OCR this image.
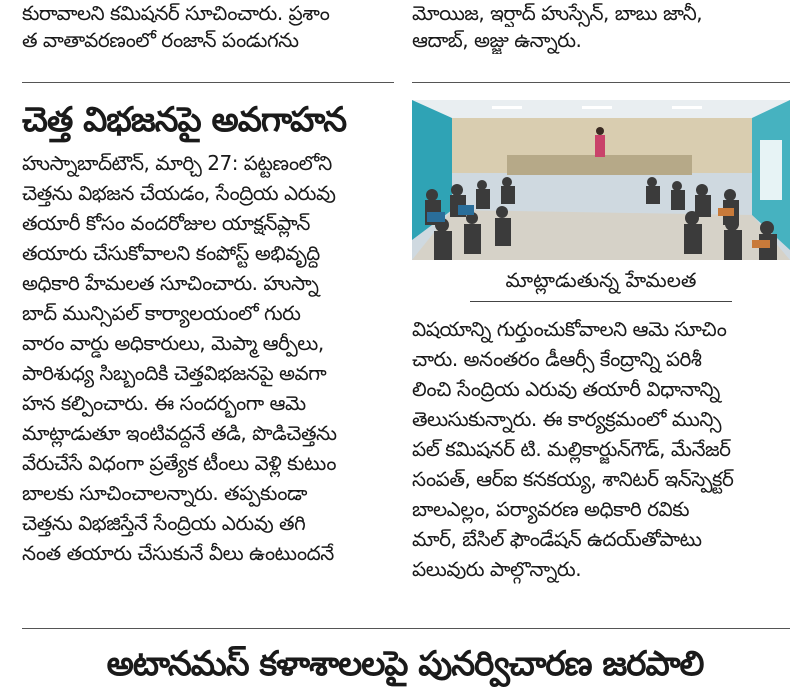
కురావాలని కమిషనర్ సూచించారు. ప్రశాం
త వాతావరణంలో రంజాన్ పండుగను
మోయిజ, ఇర్షాద్ హుస్సేన్, బాబు జానీ,
ఆదాబ్, అజ్జు ఉన్నారు.
చెత్త విభజనపై అవగాహన
మాట్లాడుతున్న హేమలత
హుస్నాబాద్‌టౌన్, మార్చి 27: పట్టణంలోని
చెత్తను విభజన చేయడం, సేంద్రియ ఎరువు
తయారీ కోసం వందరోజుల యాక్షన్‌ప్లాన్
తయారు చేసుకోవాలని కంపోస్ట్ అభివృద్ధి
అధికారి హేమలత సూచించారు. హుస్నా
బాద్ మున్సిపల్ కార్యాలయంలో గురు
వారం వార్డు అధికారులు, మెప్మా ఆర్పీలు,
పారిశుధ్య సిబ్బందికి చెత్తవిభజనపై అవగా
హన కల్పించారు. ఈ సందర్భంగా ఆమె
మాట్లాడుతూ ఇంటివద్దనే తడి, పొడిచెత్తను
వేరుచేసే విధంగా ప్రత్యేక టీంలు వెళ్లి కుటుం
బాలకు సూచించాలన్నారు. తప్పకుండా
చెత్తను విభజిస్తేనే సేంద్రియ ఎరువు తగి
నంత తయారు చేసుకునే వీలు ఉంటుందనే
విషయాన్ని గుర్తుంచుకోవాలని ఆమె సూచిం
చారు. అనంతరం డీఆర్సీ కేంద్రాన్ని పరిశీ
లించి సేంద్రియ ఎరువు తయారీ విధానాన్ని
తెలుసుకున్నారు. ఈ కార్యక్రమంలో మున్సి
పల్ కమిషనర్ టి. మల్లికార్జున్‌గౌడ్, మేనేజర్
సంపత్, ఆర్ఐ కనకయ్య, శానిటర్ ఇన్‌స్పెక్టర్
బాలఎల్లం, పర్యావరణ అధికారి రవికు
మార్, బేసిల్ ఫౌండేషన్ ఉదయ్‌తోపాటు
పలువురు పాల్గొన్నారు.
అటానమస్ కళాశాలలపై పునర్విచారణ జరపాలి
